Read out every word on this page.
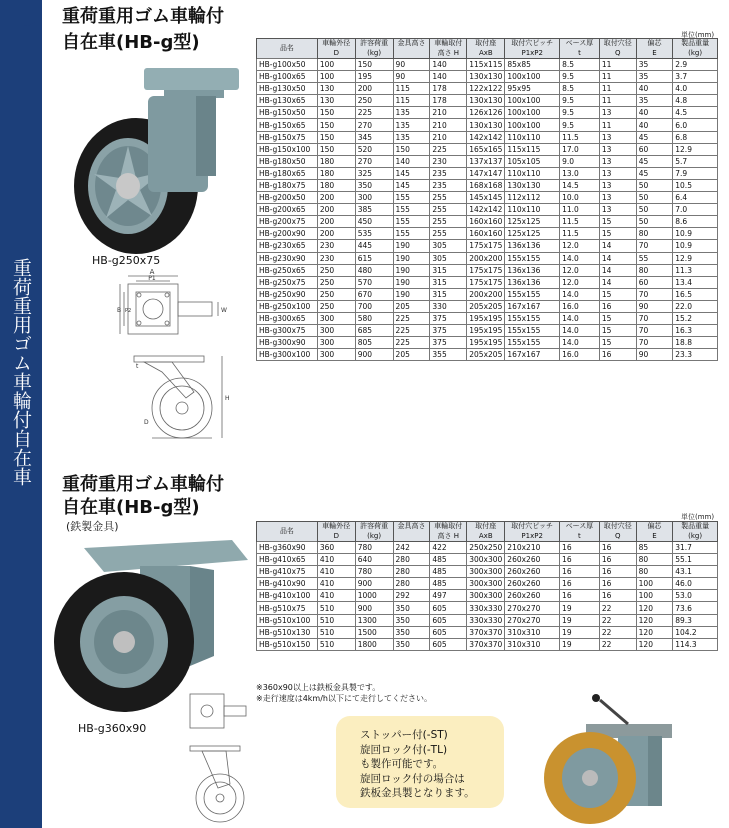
重荷重用ゴム車輪付自在車
重荷重用ゴム車輪付
自在車(HB-g型)
HB-g250x75
A
P1
B P2	W
H
D
t
単位(mm)
品名	車輪外径	許容荷重	金具高さ	車輪取付	取付座	取付穴ピッチ	ベース厚	取付穴径	偏芯	製品重量
	D	(kg)		高さ H	AxB	P1xP2	t	Q	E	(kg)
HB-g100x50	100	150	90	140	115x115	85x85	8.5	11	35	2.9
HB-g100x65	100	195	90	140	130x130	100x100	9.5	11	35	3.7
HB-g130x50	130	200	115	178	122x122	95x95	8.5	11	40	4.0
HB-g130x65	130	250	115	178	130x130	100x100	9.5	11	35	4.8
HB-g150x50	150	225	135	210	126x126	100x100	9.5	13	40	4.5
HB-g150x65	150	270	135	210	130x130	100x100	9.5	11	40	6.0
HB-g150x75	150	345	135	210	142x142	110x110	11.5	13	45	6.8
HB-g150x100	150	520	150	225	165x165	115x115	17.0	13	60	12.9
HB-g180x50	180	270	140	230	137x137	105x105	9.0	13	45	5.7
HB-g180x65	180	325	145	235	147x147	110x110	13.0	13	45	7.9
HB-g180x75	180	350	145	235	168x168	130x130	14.5	13	50	10.5
HB-g200x50	200	300	155	255	145x145	112x112	10.0	13	50	6.4
HB-g200x65	200	385	155	255	142x142	110x110	11.0	13	50	7.0
HB-g200x75	200	450	155	255	160x160	125x125	11.5	15	50	8.6
HB-g200x90	200	535	155	255	160x160	125x125	11.5	15	80	10.9
HB-g230x65	230	445	190	305	175x175	136x136	12.0	14	70	10.9
HB-g230x90	230	615	190	305	200x200	155x155	14.0	14	55	12.9
HB-g250x65	250	480	190	315	175x175	136x136	12.0	14	80	11.3
HB-g250x75	250	570	190	315	175x175	136x136	12.0	14	60	13.4
HB-g250x90	250	670	190	315	200x200	155x155	14.0	15	70	16.5
HB-g250x100	250	700	205	330	205x205	167x167	16.0	16	90	22.0
HB-g300x65	300	580	225	375	195x195	155x155	14.0	15	70	15.2
HB-g300x75	300	685	225	375	195x195	155x155	14.0	15	70	16.3
HB-g300x90	300	805	225	375	195x195	155x155	14.0	15	70	18.8
HB-g300x100	300	900	205	355	205x205	167x167	16.0	16	90	23.3
重荷重用ゴム車輪付
自在車(HB-g型)
(鉄製金具)
HB-g360x90
単位(mm)
品名	車輪外径	許容荷重	金具高さ	車輪取付	取付座	取付穴ピッチ	ベース厚	取付穴径	偏芯	製品重量
	D	(kg)		高さ H	AxB	P1xP2	t	Q	E	(kg)
HB-g360x90	360	780	242	422	250x250	210x210	16	16	85	31.7
HB-g410x65	410	640	280	485	300x300	260x260	16	16	80	55.1
HB-g410x75	410	780	280	485	300x300	260x260	16	16	80	43.1
HB-g410x90	410	900	280	485	300x300	260x260	16	16	100	46.0
HB-g410x100	410	1000	292	497	300x300	260x260	16	16	100	53.0
HB-g510x75	510	900	350	605	330x330	270x270	19	22	120	73.6
HB-g510x100	510	1300	350	605	330x330	270x270	19	22	120	89.3
HB-g510x130	510	1500	350	605	370x370	310x310	19	22	120	104.2
HB-g510x150	510	1800	350	605	370x370	310x310	19	22	120	114.3
※360x90以上は鉄板金具製です。
※走行速度は4km/h以下にて走行してください。
ストッパー付(-ST)
旋回ロック付(-TL)
も製作可能です。
旋回ロック付の場合は
鉄板金具製となります。
